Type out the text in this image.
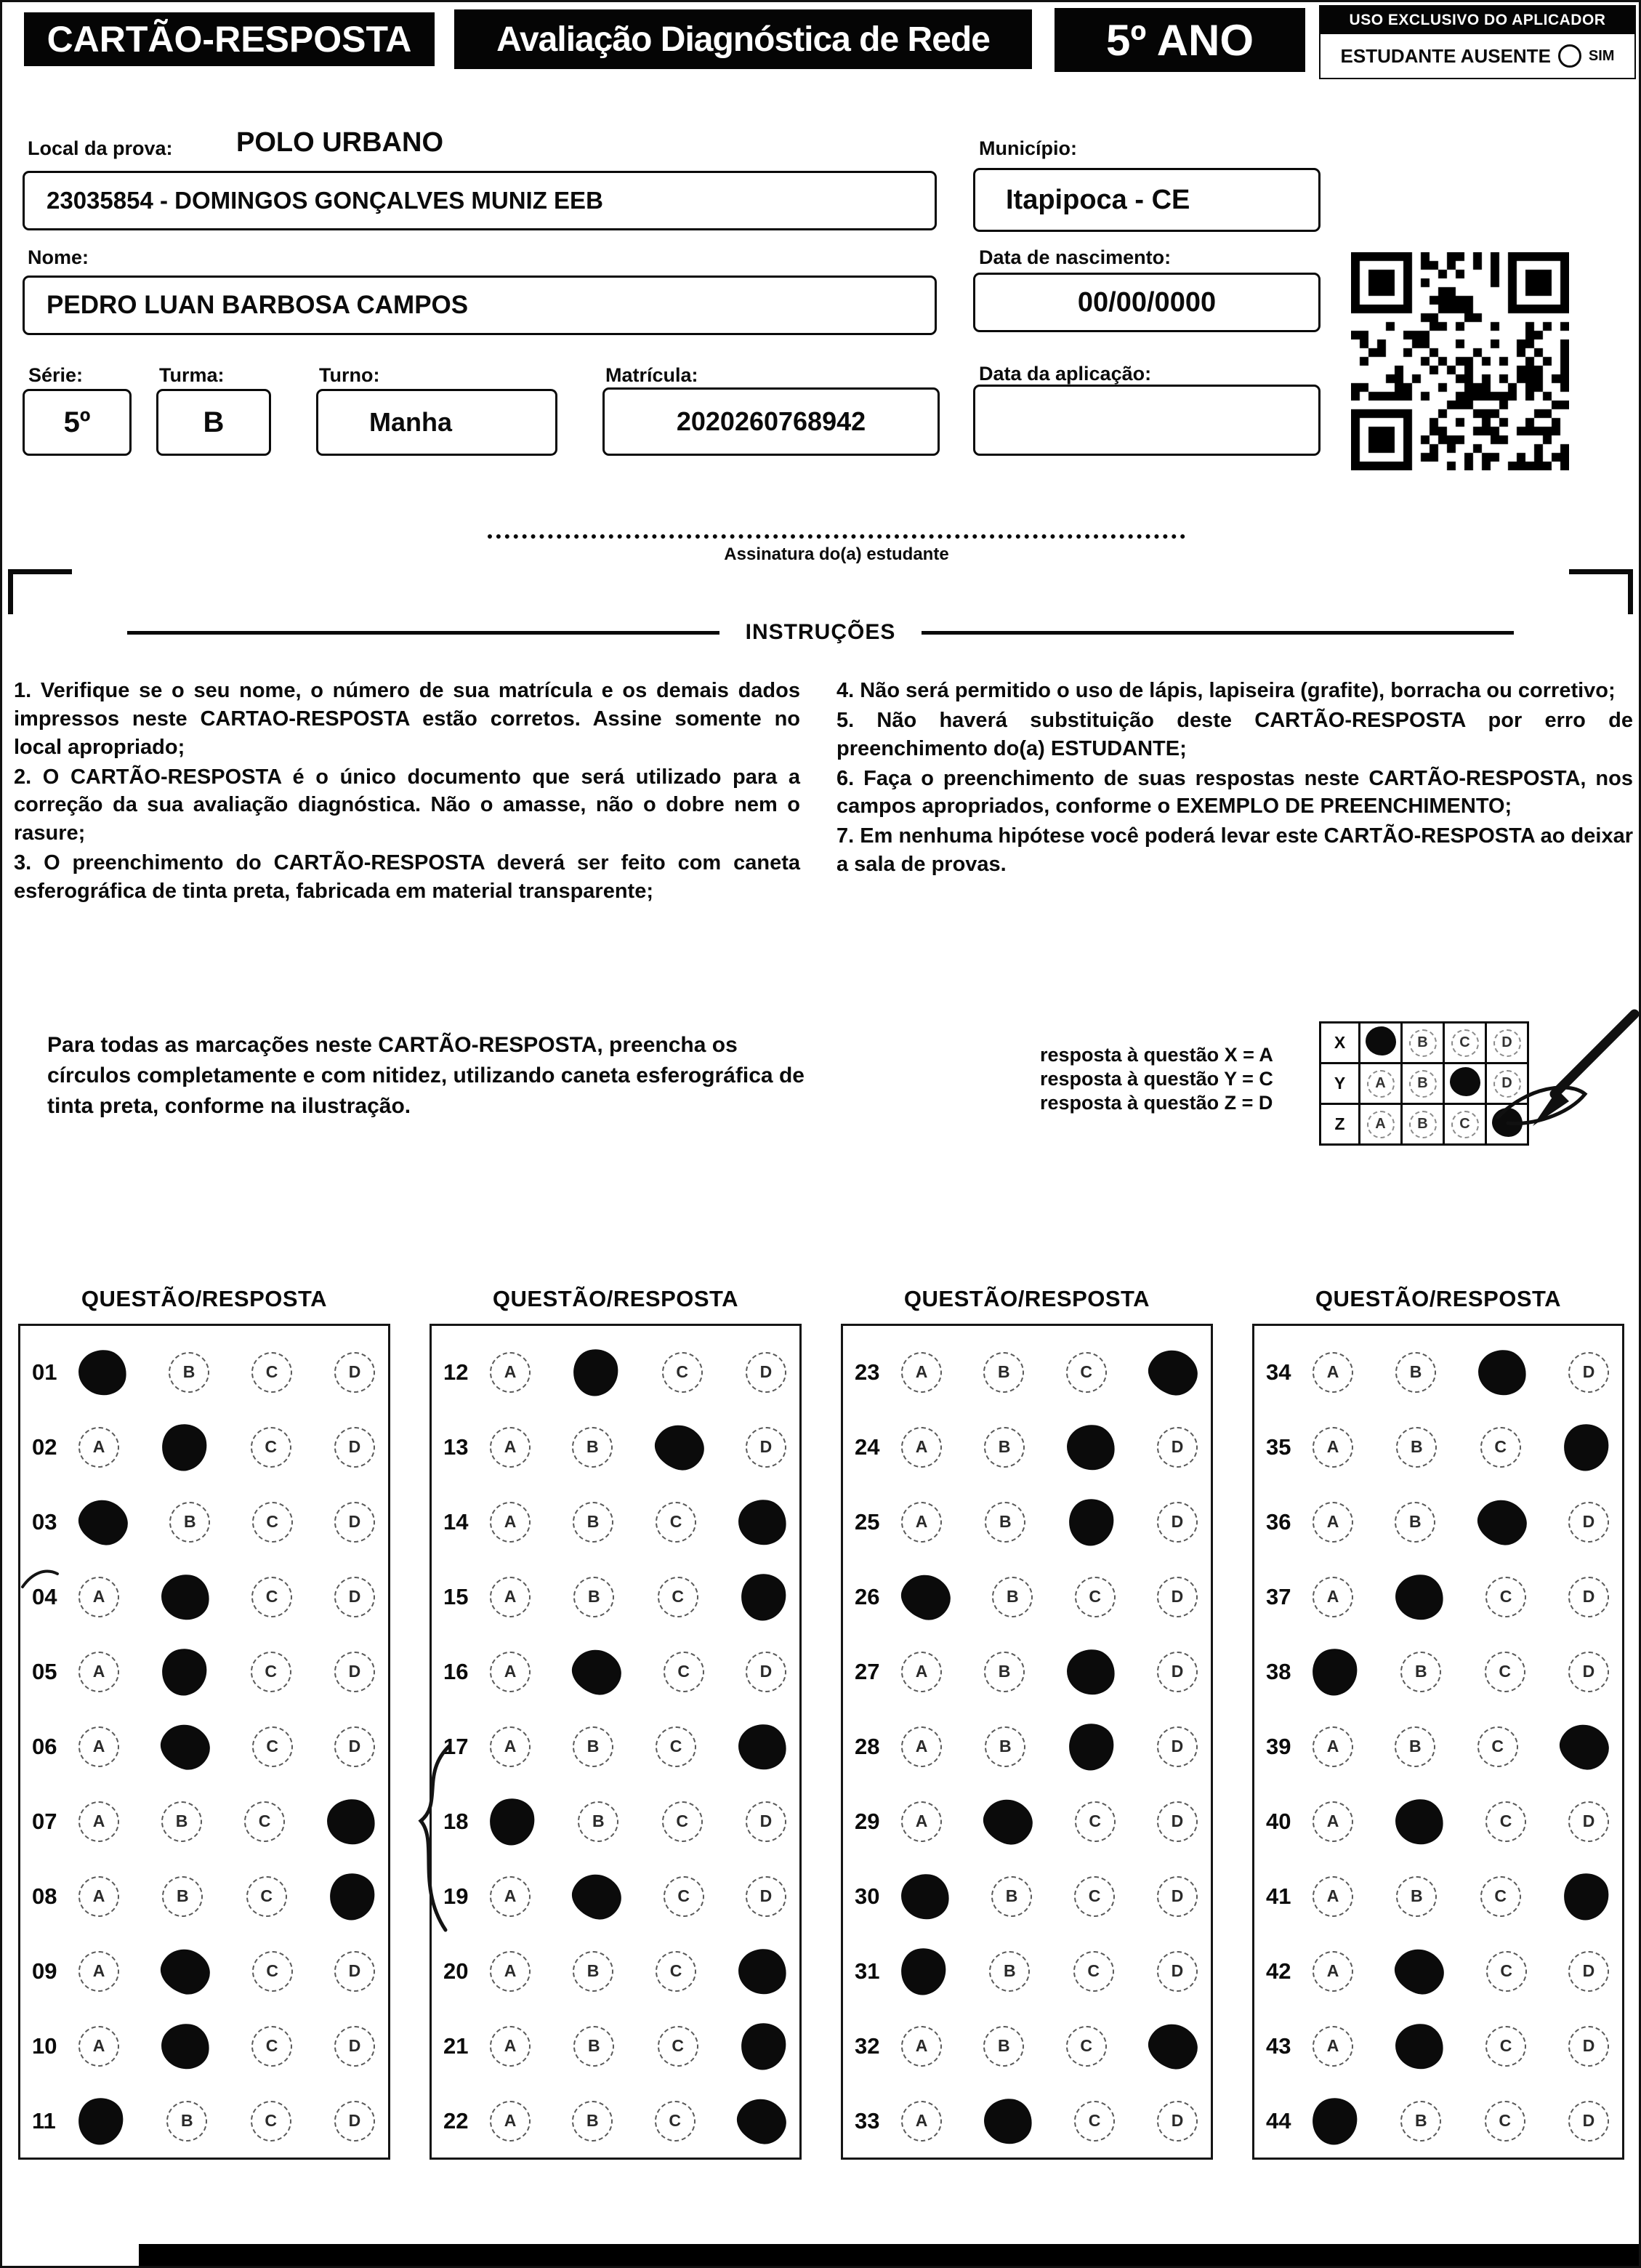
CARTÃO-RESPOSTA Avaliação Diagnóstica de Rede	5º ANO	USO EXCLUSIVO DO APLICADOR
ESTUDANTE AUSENTE	SIM
Local da prova: POLO URBANO	Município:
23035854 - DOMINGOS GONÇALVES MUNIZ EEB	Itapipoca - CE
Nome:	Data de nascimento:
PEDRO LUAN BARBOSA CAMPOS	00/00/0000
Série:	Turma:	Turno:	Matrícula:	Data da aplicação:
5º	B	Manha	2020260768942
Assinatura do(a) estudante
INSTRUÇÕES

1. Verifique se o seu nome, o número de sua matrícula e os demais dados impressos neste CARTAO-RESPOSTA estão corretos. Assine somente no local apropriado;

2. O CARTÃO-RESPOSTA é o único documento que será utilizado para a correção da sua avaliação diagnóstica. Não o amasse, não o dobre nem o rasure;

3. O preenchimento do CARTÃO-RESPOSTA deverá ser feito com caneta esferográfica de tinta preta, fabricada em material transparente;

4. Não será permitido o uso de lápis, lapiseira (grafite), borracha ou corretivo;

5. Não haverá substituição deste CARTÃO-RESPOSTA por erro de preenchimento do(a) ESTUDANTE;

6. Faça o preenchimento de suas respostas neste CARTÃO-RESPOSTA, nos campos apropriados, conforme o EXEMPLO DE PREENCHIMENTO;

7. Em nenhuma hipótese você poderá levar este CARTÃO-RESPOSTA ao deixar a sala de provas.

Para todas as marcações neste CARTÃO-RESPOSTA, preencha os círculos completamente e com nitidez, utilizando caneta esferográfica de tinta preta, conforme na ilustração.
resposta à questão X = A
resposta à questão Y = C
resposta à questão Z = D
X		B	C	D
Y	A	B		D
Z	A	B	C	
QUESTÃO/RESPOSTA
01	B	C	D
02	A	C	D
03	B	C	D
04	A	C	D
05	A	C	D
06	A	C	D
07	A	B	C
08	A	B	C
09	A	C	D
10	A	C	D
11	B	C	D
QUESTÃO/RESPOSTA
12	A	C	D
13	A	B	D
14	A	B	C
15	A	B	C
16	A	C	D
17	A	B	C
18	B	C	D
19	A	C	D
20	A	B	C
21	A	B	C
22	A	B	C
QUESTÃO/RESPOSTA
23	A	B	C
24	A	B	D
25	A	B	D
26	B	C	D
27	A	B	D
28	A	B	D
29	A	C	D
30	B	C	D
31	B	C	D
32	A	B	C
33	A	C	D
QUESTÃO/RESPOSTA
34	A	B	D
35	A	B	C
36	A	B	D
37	A	C	D
38	B	C	D
39	A	B	C
40	A	C	D
41	A	B	C
42	A	C	D
43	A	C	D
44	B	C	D
